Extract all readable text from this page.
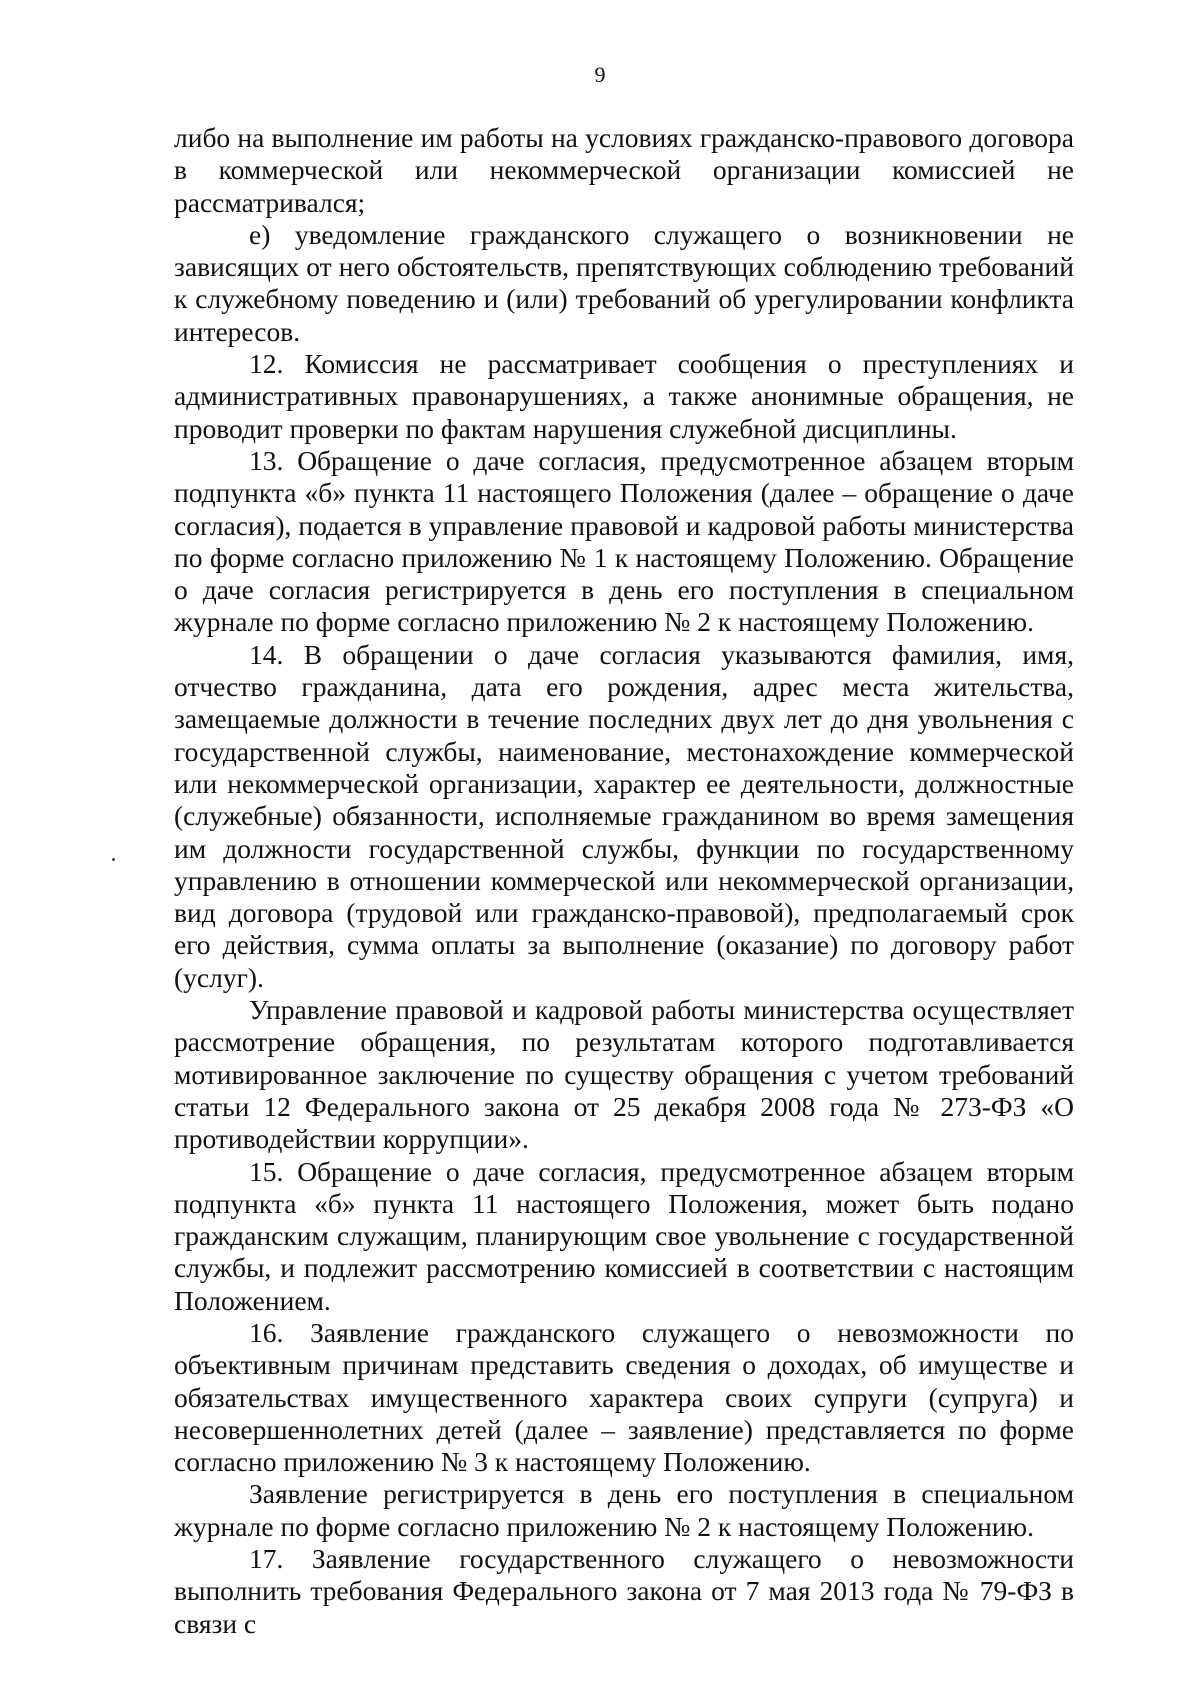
9

либо на выполнение им работы на условиях гражданско-правового договора в коммерческой или некоммерческой организации комиссией не рассматривался;

е) уведомление гражданского служащего о возникновении не зависящих от него обстоятельств, препятствующих соблюдению требований к служебному поведению и (или) требований об урегулировании конфликта интересов.

12. Комиссия не рассматривает сообщения о преступлениях и административных правонарушениях, а также анонимные обращения, не проводит проверки по фактам нарушения служебной дисциплины.

13. Обращение о даче согласия, предусмотренное абзацем вторым подпункта «б» пункта 11 настоящего Положения (далее – обращение о даче согласия), подается в управление правовой и кадровой работы министерства по форме согласно приложению № 1 к настоящему Положению. Обращение о даче согласия регистрируется в день его поступления в специальном журнале по форме согласно приложению № 2 к настоящему Положению.

14. В обращении о даче согласия указываются фамилия, имя, отчество гражданина, дата его рождения, адрес места жительства, замещаемые должности в течение последних двух лет до дня увольнения с государственной службы, наименование, местонахождение коммерческой или некоммерческой организации, характер ее деятельности, должностные (служебные) обязанности, исполняемые гражданином во время замещения им должности государственной службы, функции по государственному управлению в отношении коммерческой или некоммерческой организации, вид договора (трудовой или гражданско-правовой), предполагаемый срок его действия, сумма оплаты за выполнение (оказание) по договору работ (услуг).

Управление правовой и кадровой работы министерства осуществляет рассмотрение обращения, по результатам которого подготавливается мотивированное заключение по существу обращения с учетом требований статьи 12 Федерального закона от 25 декабря 2008 года № 273-ФЗ «О противодействии коррупции».

15. Обращение о даче согласия, предусмотренное абзацем вторым подпункта «б» пункта 11 настоящего Положения, может быть подано гражданским служащим, планирующим свое увольнение с государственной службы, и подлежит рассмотрению комиссией в соответствии с настоящим Положением.

16. Заявление гражданского служащего о невозможности по объективным причинам представить сведения о доходах, об имуществе и обязательствах имущественного характера своих супруги (супруга) и несовершеннолетних детей (далее – заявление) представляется по форме согласно приложению № 3 к настоящему Положению.

Заявление регистрируется в день его поступления в специальном журнале по форме согласно приложению № 2 к настоящему Положению.

17. Заявление государственного служащего о невозможности выполнить требования Федерального закона от 7 мая 2013 года № 79-ФЗ в связи с
